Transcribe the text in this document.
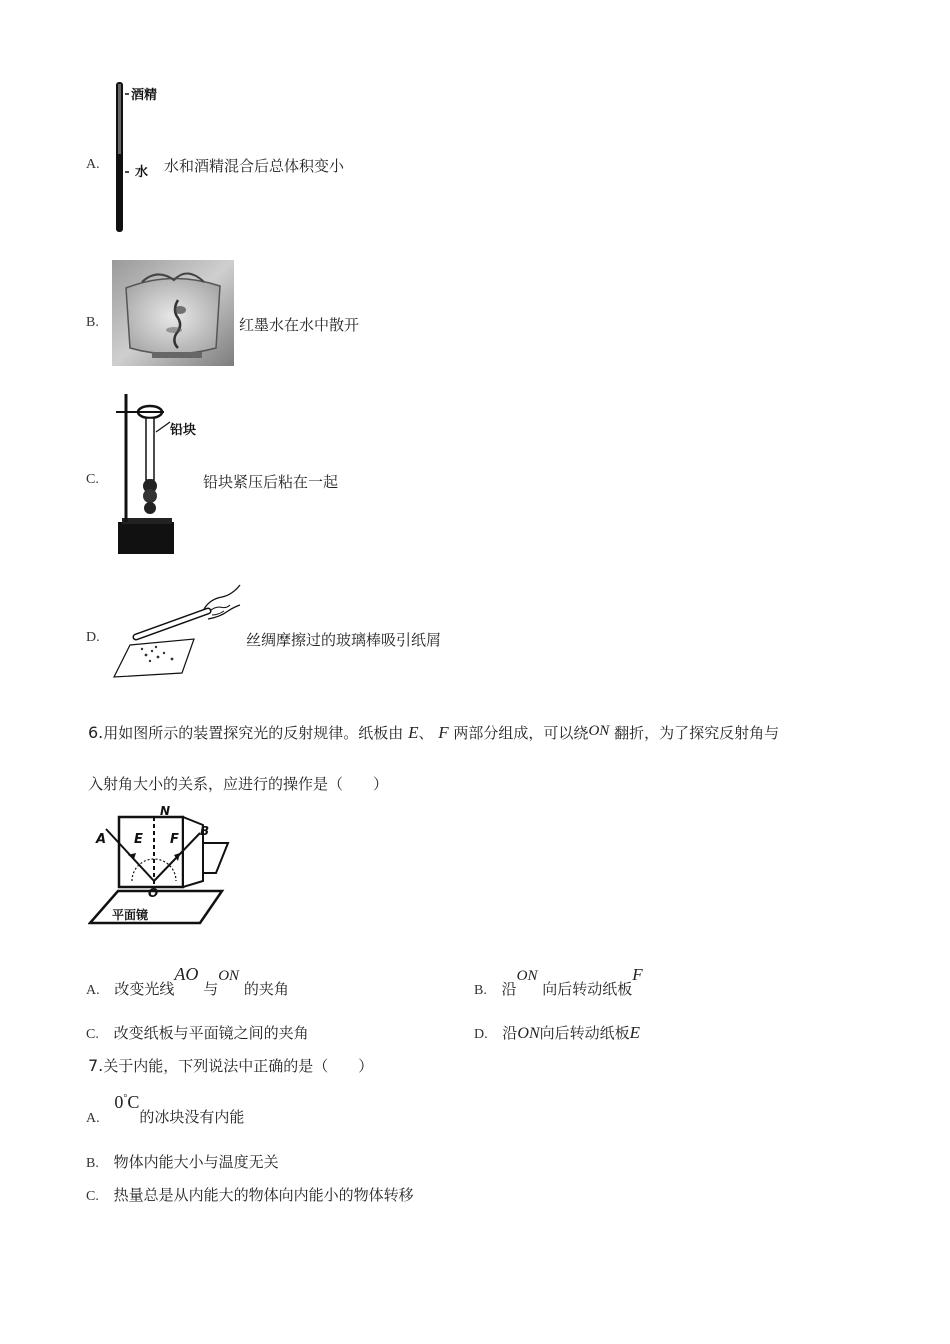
A.
酒精
水 水和酒精混合后总体积变小
B.	红墨水在水中散开
C.
铅块
铅块紧压后粘在一起
D.	丝绸摩擦过的玻璃棒吸引纸屑
6.用如图所示的装置探究光的反射规律。纸板由 E、 F 两部分组成，可以绕ON 翻折，为了探究反射角与
入射角大小的关系，应进行的操作是（　　）
A
N
E F
B
O
平面镜
A. 改变光线AO 与ON 的夹角	B. 沿ON 向后转动纸板F
C. 改变纸板与平面镜之间的夹角	D. 沿ON向后转动纸板E
7.关于内能，下列说法中正确的是（　　）
A. 0°C的冰块没有内能
B. 物体内能大小与温度无关
C. 热量总是从内能大的物体向内能小的物体转移
